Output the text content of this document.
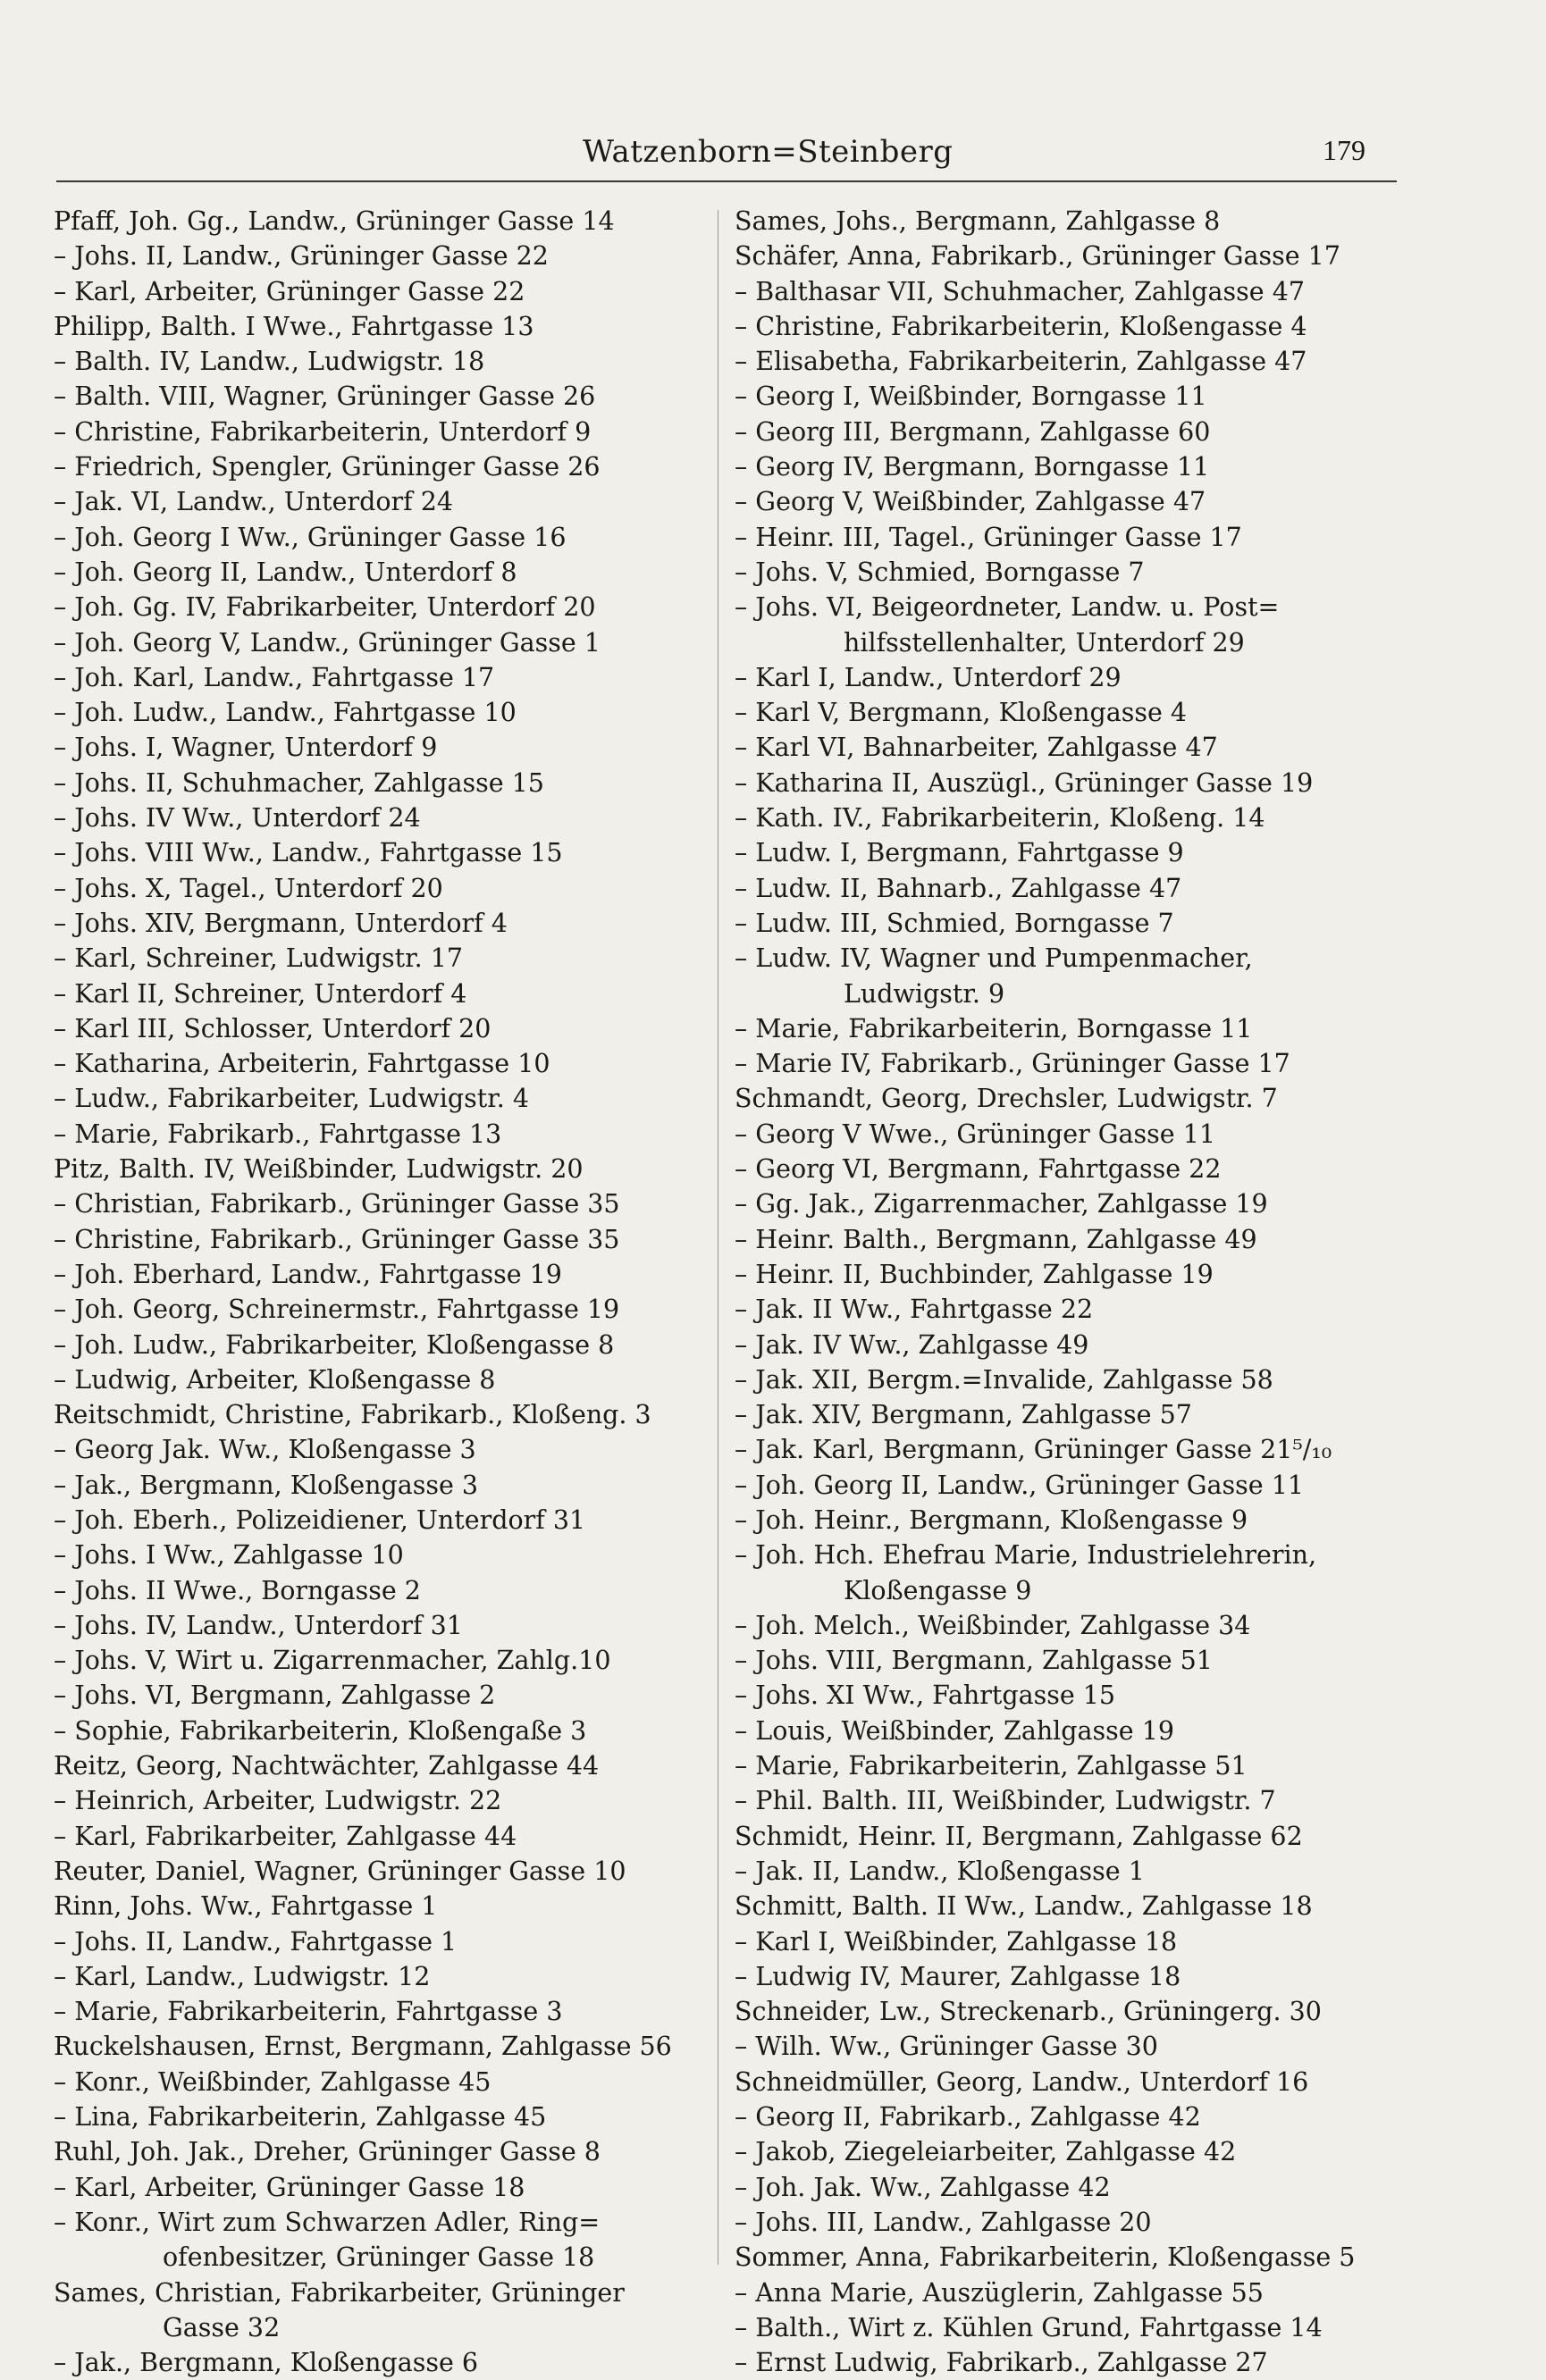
Watzenborn=Steinberg	179
Pfaff, Joh. Gg., Landw., Grüninger Gasse 14
– Johs. II, Landw., Grüninger Gasse 22
– Karl, Arbeiter, Grüninger Gasse 22
Philipp, Balth. I Wwe., Fahrtgasse 13
– Balth. IV, Landw., Ludwigstr. 18
– Balth. VIII, Wagner, Grüninger Gasse 26
– Christine, Fabrikarbeiterin, Unterdorf 9
– Friedrich, Spengler, Grüninger Gasse 26
– Jak. VI, Landw., Unterdorf 24
– Joh. Georg I Ww., Grüninger Gasse 16
– Joh. Georg II, Landw., Unterdorf 8
– Joh. Gg. IV, Fabrikarbeiter, Unterdorf 20
– Joh. Georg V, Landw., Grüninger Gasse 1
– Joh. Karl, Landw., Fahrtgasse 17
– Joh. Ludw., Landw., Fahrtgasse 10
– Johs. I, Wagner, Unterdorf 9
– Johs. II, Schuhmacher, Zahlgasse 15
– Johs. IV Ww., Unterdorf 24
– Johs. VIII Ww., Landw., Fahrtgasse 15
– Johs. X, Tagel., Unterdorf 20
– Johs. XIV, Bergmann, Unterdorf 4
– Karl, Schreiner, Ludwigstr. 17
– Karl II, Schreiner, Unterdorf 4
– Karl III, Schlosser, Unterdorf 20
– Katharina, Arbeiterin, Fahrtgasse 10
– Ludw., Fabrikarbeiter, Ludwigstr. 4
– Marie, Fabrikarb., Fahrtgasse 13
Pitz, Balth. IV, Weißbinder, Ludwigstr. 20
– Christian, Fabrikarb., Grüninger Gasse 35
– Christine, Fabrikarb., Grüninger Gasse 35
– Joh. Eberhard, Landw., Fahrtgasse 19
– Joh. Georg, Schreinermstr., Fahrtgasse 19
– Joh. Ludw., Fabrikarbeiter, Kloßengasse 8
– Ludwig, Arbeiter, Kloßengasse 8
Reitschmidt, Christine, Fabrikarb., Kloßeng. 3
– Georg Jak. Ww., Kloßengasse 3
– Jak., Bergmann, Kloßengasse 3
– Joh. Eberh., Polizeidiener, Unterdorf 31
– Johs. I Ww., Zahlgasse 10
– Johs. II Wwe., Borngasse 2
– Johs. IV, Landw., Unterdorf 31
– Johs. V, Wirt u. Zigarrenmacher, Zahlg.10
– Johs. VI, Bergmann, Zahlgasse 2
– Sophie, Fabrikarbeiterin, Kloßengaße 3
Reitz, Georg, Nachtwächter, Zahlgasse 44
– Heinrich, Arbeiter, Ludwigstr. 22
– Karl, Fabrikarbeiter, Zahlgasse 44
Reuter, Daniel, Wagner, Grüninger Gasse 10
Rinn, Johs. Ww., Fahrtgasse 1
– Johs. II, Landw., Fahrtgasse 1
– Karl, Landw., Ludwigstr. 12
– Marie, Fabrikarbeiterin, Fahrtgasse 3
Ruckelshausen, Ernst, Bergmann, Zahlgasse 56
– Konr., Weißbinder, Zahlgasse 45
– Lina, Fabrikarbeiterin, Zahlgasse 45
Ruhl, Joh. Jak., Dreher, Grüninger Gasse 8
– Karl, Arbeiter, Grüninger Gasse 18
– Konr., Wirt zum Schwarzen Adler, Ring=
ofenbesitzer, Grüninger Gasse 18
Sames, Christian, Fabrikarbeiter, Grüninger
Gasse 32
– Jak., Bergmann, Kloßengasse 6
Sames, Johs., Bergmann, Zahlgasse 8
Schäfer, Anna, Fabrikarb., Grüninger Gasse 17
– Balthasar VII, Schuhmacher, Zahlgasse 47
– Christine, Fabrikarbeiterin, Kloßengasse 4
– Elisabetha, Fabrikarbeiterin, Zahlgasse 47
– Georg I, Weißbinder, Borngasse 11
– Georg III, Bergmann, Zahlgasse 60
– Georg IV, Bergmann, Borngasse 11
– Georg V, Weißbinder, Zahlgasse 47
– Heinr. III, Tagel., Grüninger Gasse 17
– Johs. V, Schmied, Borngasse 7
– Johs. VI, Beigeordneter, Landw. u. Post=
hilfsstellenhalter, Unterdorf 29
– Karl I, Landw., Unterdorf 29
– Karl V, Bergmann, Kloßengasse 4
– Karl VI, Bahnarbeiter, Zahlgasse 47
– Katharina II, Auszügl., Grüninger Gasse 19
– Kath. IV., Fabrikarbeiterin, Kloßeng. 14
– Ludw. I, Bergmann, Fahrtgasse 9
– Ludw. II, Bahnarb., Zahlgasse 47
– Ludw. III, Schmied, Borngasse 7
– Ludw. IV, Wagner und Pumpenmacher,
Ludwigstr. 9
– Marie, Fabrikarbeiterin, Borngasse 11
– Marie IV, Fabrikarb., Grüninger Gasse 17
Schmandt, Georg, Drechsler, Ludwigstr. 7
– Georg V Wwe., Grüninger Gasse 11
– Georg VI, Bergmann, Fahrtgasse 22
– Gg. Jak., Zigarrenmacher, Zahlgasse 19
– Heinr. Balth., Bergmann, Zahlgasse 49
– Heinr. II, Buchbinder, Zahlgasse 19
– Jak. II Ww., Fahrtgasse 22
– Jak. IV Ww., Zahlgasse 49
– Jak. XII, Bergm.=Invalide, Zahlgasse 58
– Jak. XIV, Bergmann, Zahlgasse 57
– Jak. Karl, Bergmann, Grüninger Gasse 21⁵/₁₀
– Joh. Georg II, Landw., Grüninger Gasse 11
– Joh. Heinr., Bergmann, Kloßengasse 9
– Joh. Hch. Ehefrau Marie, Industrielehrerin,
Kloßengasse 9
– Joh. Melch., Weißbinder, Zahlgasse 34
– Johs. VIII, Bergmann, Zahlgasse 51
– Johs. XI Ww., Fahrtgasse 15
– Louis, Weißbinder, Zahlgasse 19
– Marie, Fabrikarbeiterin, Zahlgasse 51
– Phil. Balth. III, Weißbinder, Ludwigstr. 7
Schmidt, Heinr. II, Bergmann, Zahlgasse 62
– Jak. II, Landw., Kloßengasse 1
Schmitt, Balth. II Ww., Landw., Zahlgasse 18
– Karl I, Weißbinder, Zahlgasse 18
– Ludwig IV, Maurer, Zahlgasse 18
Schneider, Lw., Streckenarb., Grüningerg. 30
– Wilh. Ww., Grüninger Gasse 30
Schneidmüller, Georg, Landw., Unterdorf 16
– Georg II, Fabrikarb., Zahlgasse 42
– Jakob, Ziegeleiarbeiter, Zahlgasse 42
– Joh. Jak. Ww., Zahlgasse 42
– Johs. III, Landw., Zahlgasse 20
Sommer, Anna, Fabrikarbeiterin, Kloßengasse 5
– Anna Marie, Auszüglerin, Zahlgasse 55
– Balth., Wirt z. Kühlen Grund, Fahrtgasse 14
– Ernst Ludwig, Fabrikarb., Zahlgasse 27
